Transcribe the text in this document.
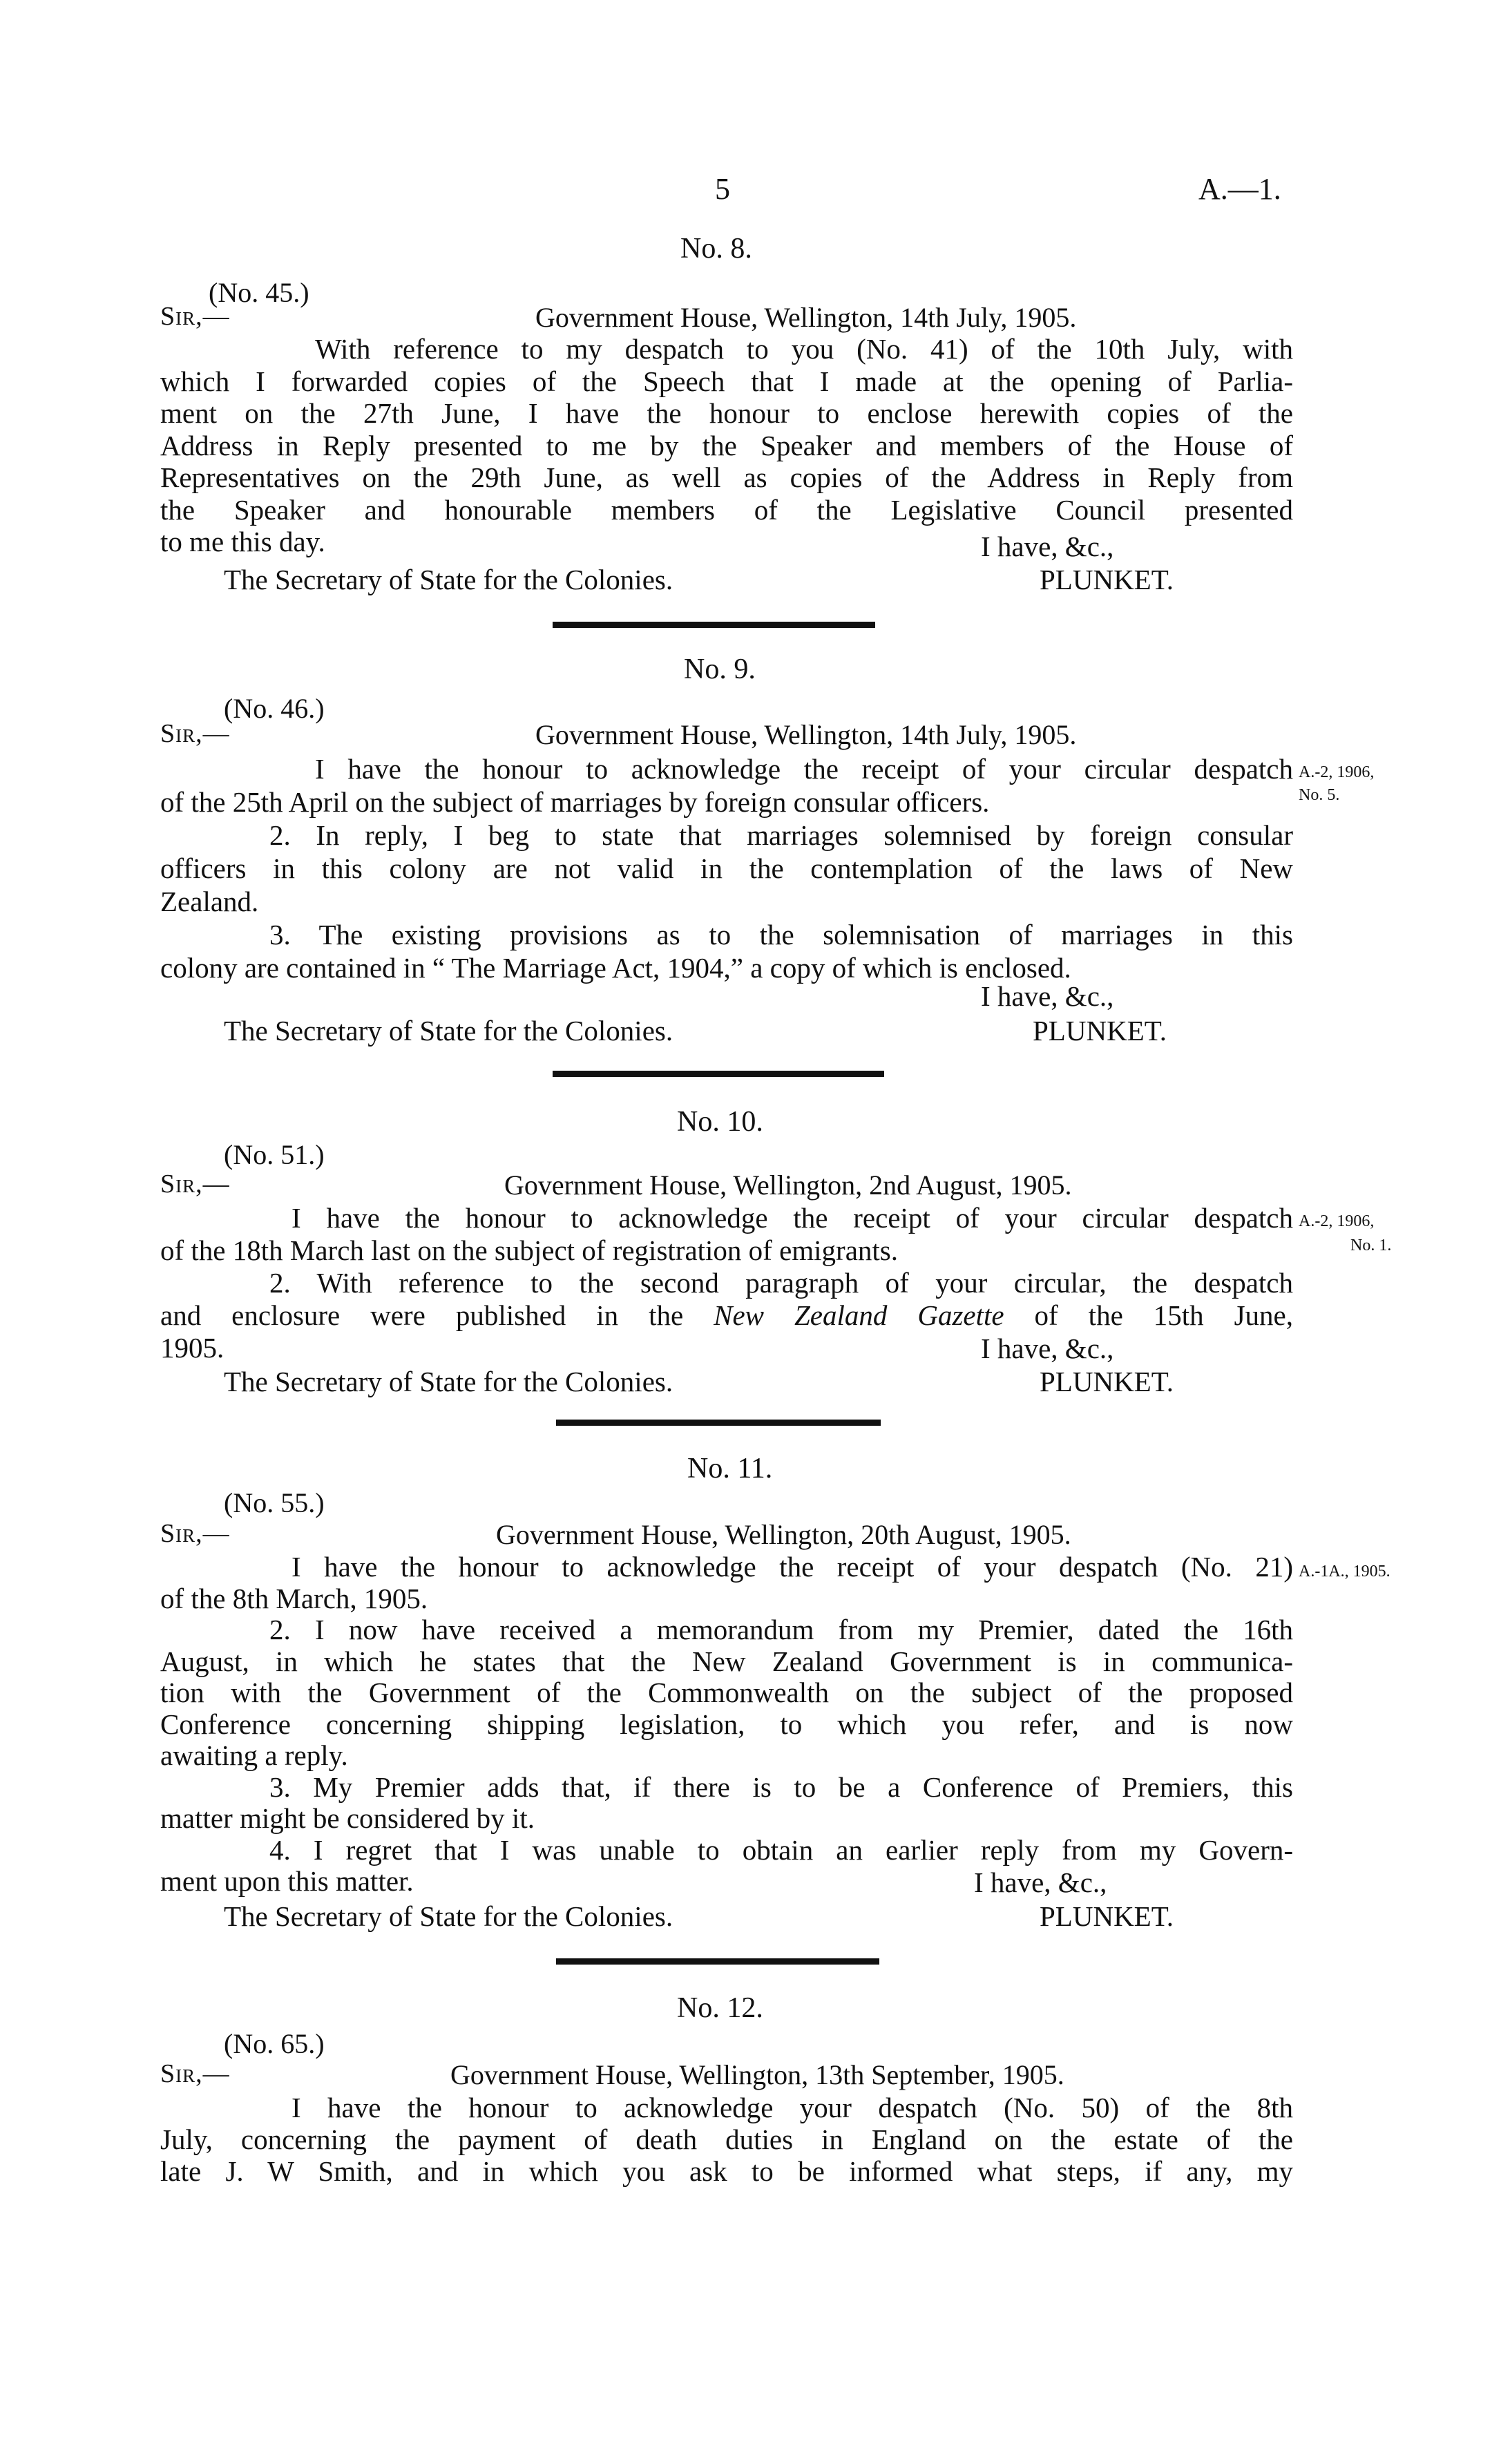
5	A.—1.
No. 8.
(No. 45.)
Sir,—	Government House, Wellington, 14th July, 1905.
With reference to my despatch to you (No. 41) of the 10th July, with
which I forwarded copies of the Speech that I made at the opening of Parlia-
ment on the 27th June, I have the honour to enclose herewith copies of the
Address in Reply presented to me by the Speaker and members of the House of
Representatives on the 29th June, as well as copies of the Address in Reply from
the Speaker and honourable members of the Legislative Council presented
to me this day.	I have, &c.,
The Secretary of State for the Colonies.	PLUNKET.
No. 9.
(No. 46.)
Sir,—	Government House, Wellington, 14th July, 1905.
I have the honour to acknowledge the receipt of your circular despatch
of the 25th April on the subject of marriages by foreign consular officers.
2. In reply, I beg to state that marriages solemnised by foreign consular
officers in this colony are not valid in the contemplation of the laws of New
Zealand.
3. The existing provisions as to the solemnisation of marriages in this
colony are contained in “ The Marriage Act, 1904,” a copy of which is enclosed.
I have, &c.,
The Secretary of State for the Colonies.	PLUNKET.
A.-2, 1906,
No. 5.
No. 10.
(No. 51.)
Sir,—	Government House, Wellington, 2nd August, 1905.
I have the honour to acknowledge the receipt of your circular despatch
of the 18th March last on the subject of registration of emigrants.
2. With reference to the second paragraph of your circular, the despatch
and enclosure were published in the New Zealand Gazette of the 15th June,
1905.	I have, &c.,
The Secretary of State for the Colonies.	PLUNKET.
A.-2, 1906,
No. 1.
No. 11.
(No. 55.)
Sir,—	Government House, Wellington, 20th August, 1905.
I have the honour to acknowledge the receipt of your despatch (No. 21)
of the 8th March, 1905.
2. I now have received a memorandum from my Premier, dated the 16th
August, in which he states that the New Zealand Government is in communica-
tion with the Government of the Commonwealth on the subject of the proposed
Conference concerning shipping legislation, to which you refer, and is now
awaiting a reply.
3. My Premier adds that, if there is to be a Conference of Premiers, this
matter might be considered by it.
4. I regret that I was unable to obtain an earlier reply from my Govern-
ment upon this matter.	I have, &c.,
The Secretary of State for the Colonies.	PLUNKET.
A.-1A., 1905.
No. 12.
(No. 65.)
Sir,—	Government House, Wellington, 13th September, 1905.
I have the honour to acknowledge your despatch (No. 50) of the 8th
July, concerning the payment of death duties in England on the estate of the
late J. W Smith, and in which you ask to be informed what steps, if any, my
